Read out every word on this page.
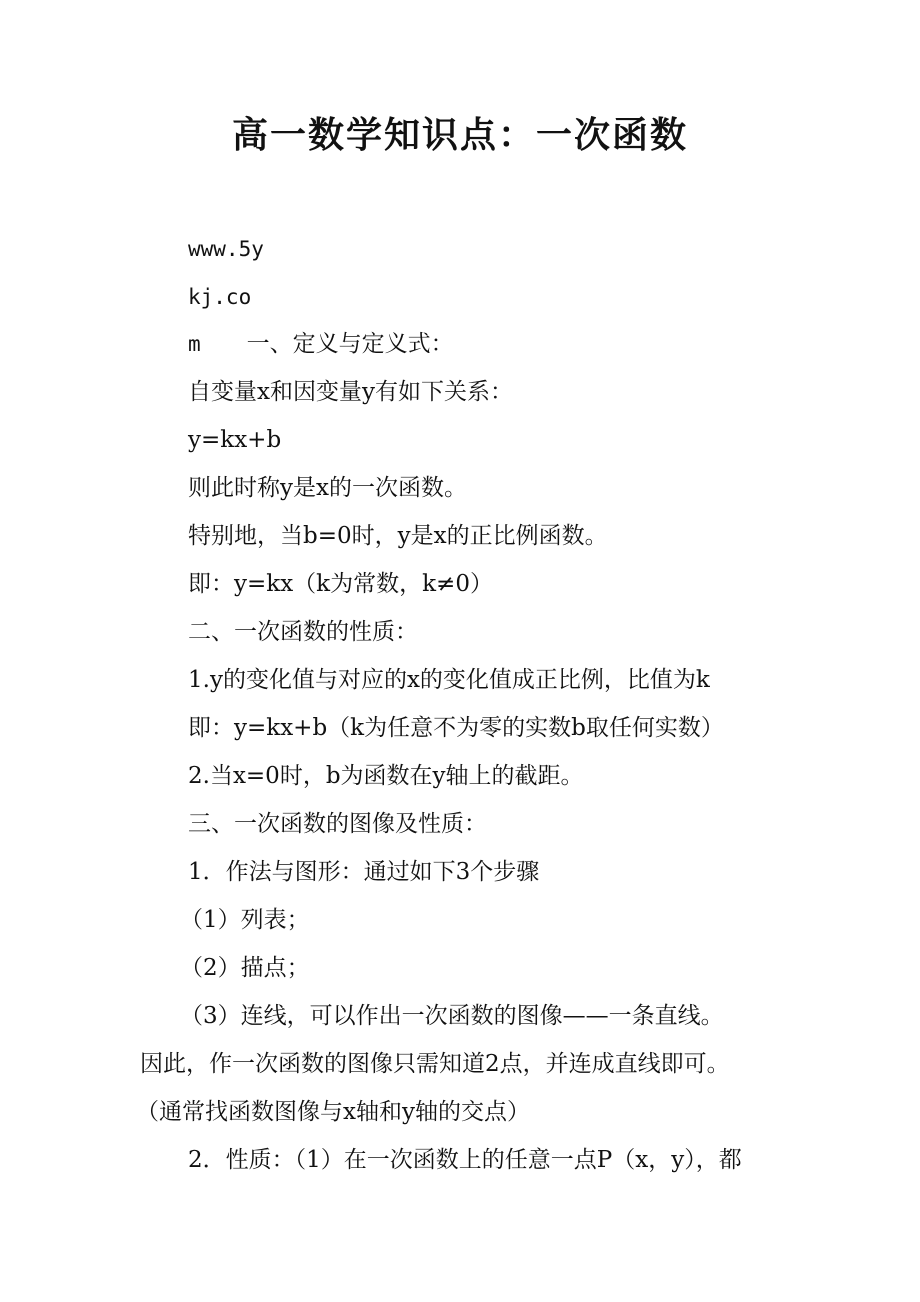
高一数学知识点：一次函数
www.5y
kj.co
m 一、定义与定义式：
自变量x和因变量y有如下关系：
y=kx+b
则此时称y是x的一次函数。
特别地，当b=0时，y是x的正比例函数。
即：y=kx（k为常数，k≠0）
二、一次函数的性质：
1.y的变化值与对应的x的变化值成正比例，比值为k
即：y=kx+b（k为任意不为零的实数b取任何实数）
2.当x=0时，b为函数在y轴上的截距。
三、一次函数的图像及性质：
1．作法与图形：通过如下3个步骤
（1）列表；
（2）描点；
（3）连线，可以作出一次函数的图像——一条直线。
因此，作一次函数的图像只需知道2点，并连成直线即可。
（通常找函数图像与x轴和y轴的交点）
2．性质：（1）在一次函数上的任意一点P（x，y），都
